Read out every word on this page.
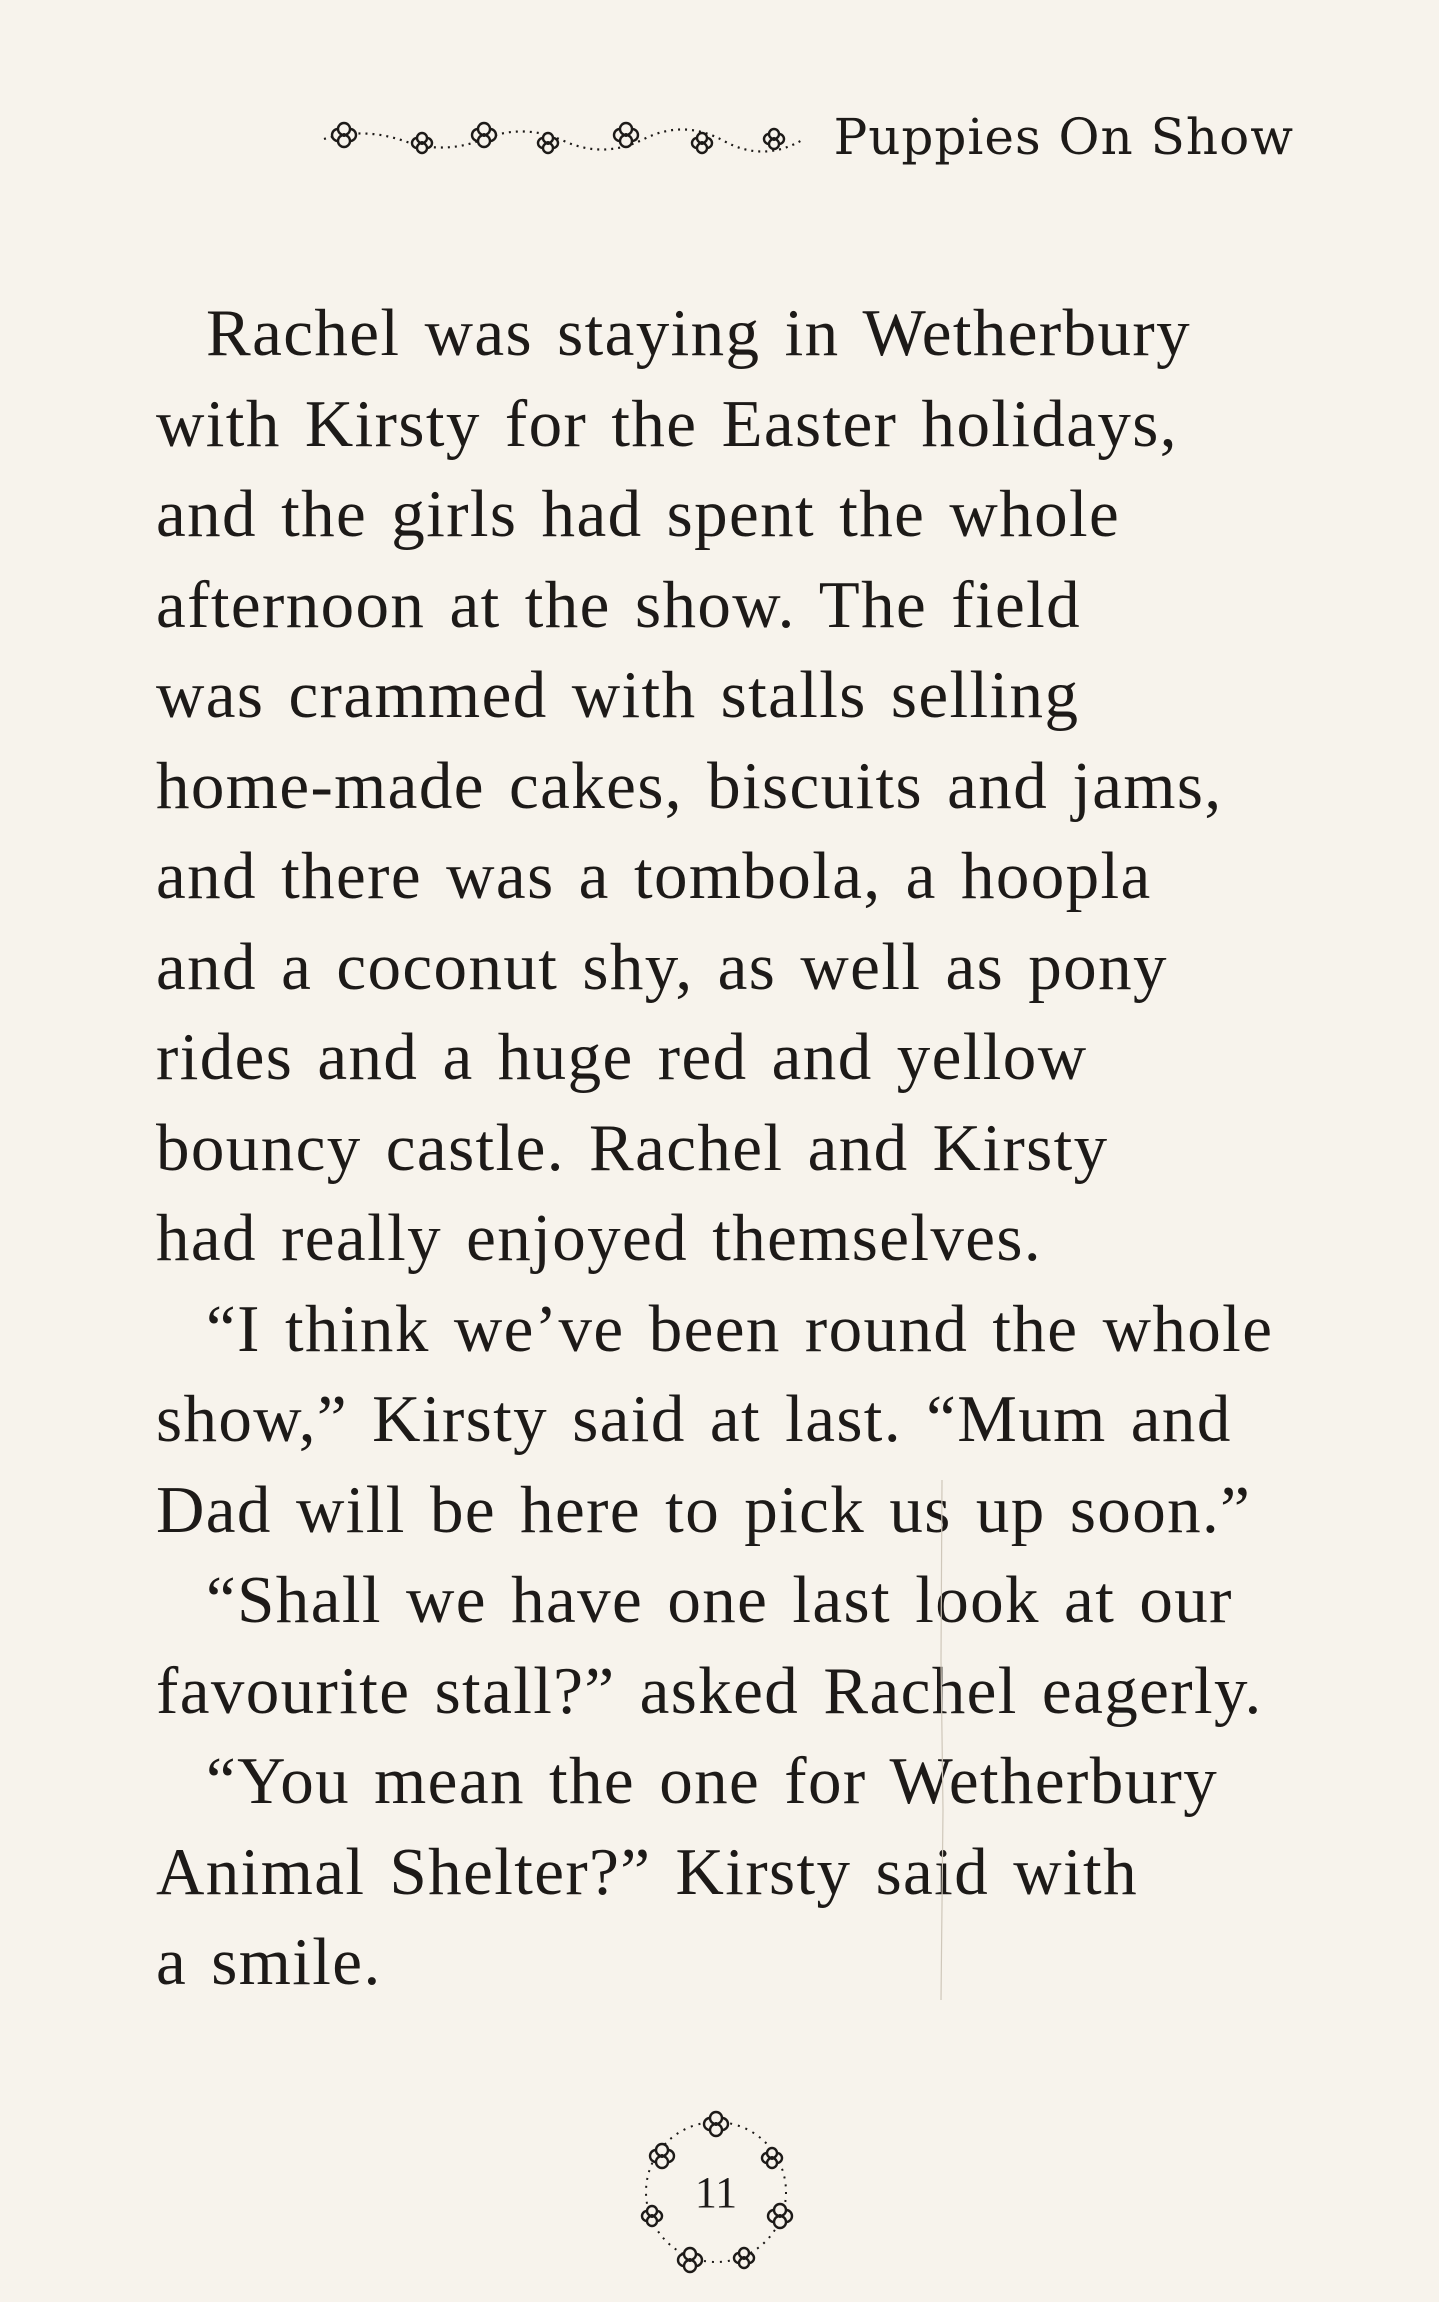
Puppies On Show
Rachel was staying in Wetherbury
with Kirsty for the Easter holidays,
and the girls had spent the whole
afternoon at the show. The field
was crammed with stalls selling
home-made cakes, biscuits and jams,
and there was a tombola, a hoopla
and a coconut shy, as well as pony
rides and a huge red and yellow
bouncy castle. Rachel and Kirsty
had really enjoyed themselves.
“I think we’ve been round the whole
show,” Kirsty said at last. “Mum and
Dad will be here to pick us up soon.”
“Shall we have one last look at our
favourite stall?” asked Rachel eagerly.
“You mean the one for Wetherbury
Animal Shelter?” Kirsty said with
a smile.
11
